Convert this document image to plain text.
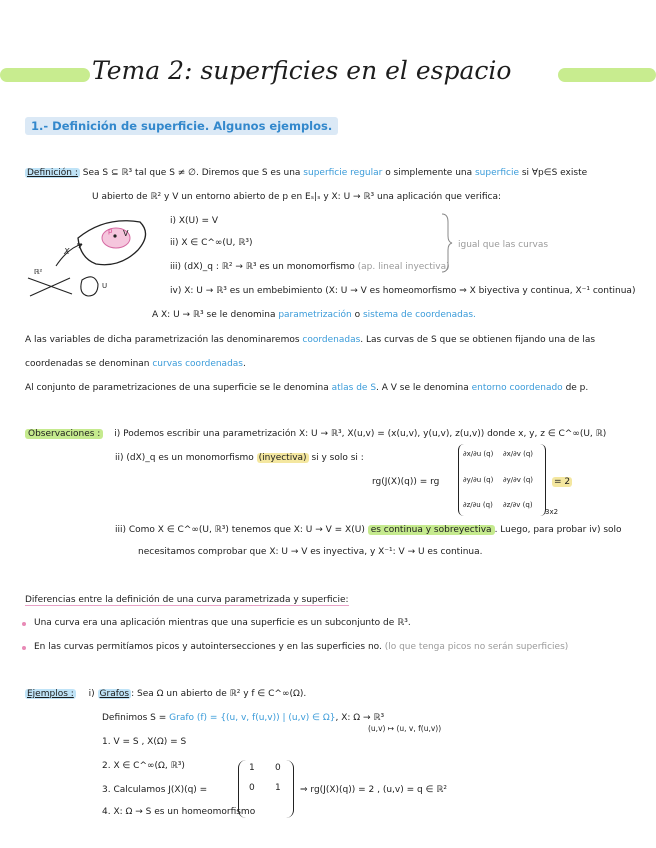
Tema 2: superficies en el espacio
1.- Definición de superficie. Algunos ejemplos.
Definición : Sea S ⊆ ℝ³ tal que S ≠ ∅. Diremos que S es una superficie regular o simplemente una superficie si ∀p∈S existe
U abierto de ℝ² y V un entorno abierto de p en Eₛ|ₛ y X: U → ℝ³ una aplicación que verifica:
p V
X
ℝ²
U
i) X(U) = V
ii) X ∈ C^∞(U, ℝ³)
iii) (dX)_q : ℝ² → ℝ³ es un monomorfismo (ap. lineal inyectiva)
iv) X: U → ℝ³ es un embebimiento (X: U → V es homeomorfismo ⇒ X biyectiva y continua, X⁻¹ continua)
igual que las curvas
A X: U → ℝ³ se le denomina parametrización o sistema de coordenadas.
A las variables de dicha parametrización las denominaremos coordenadas. Las curvas de S que se obtienen fijando una de las
coordenadas se denominan curvas coordenadas.
Al conjunto de parametrizaciones de una superficie se le denomina atlas de S. A V se le denomina entorno coordenado de p.
Observaciones : i) Podemos escribir una parametrización X: U → ℝ³, X(u,v) = (x(u,v), y(u,v), z(u,v)) donde x, y, z ∈ C^∞(U, ℝ)
ii) (dX)_q es un monomorfismo (inyectiva) si y solo si :
rg(J(X)(q)) = rg
∂x/∂u (q) ∂x/∂v (q)
∂y/∂u (q) ∂y/∂v (q)
∂z/∂u (q) ∂z/∂v (q)
3x2
= 2
iii) Como X ∈ C^∞(U, ℝ³) tenemos que X: U → V = X(U) es continua y sobreyectiva . Luego, para probar iv) solo
necesitamos comprobar que X: U → V es inyectiva, y X⁻¹: V → U es continua.
Diferencias entre la definición de una curva parametrizada y superficie:
Una curva era una aplicación mientras que una superficie es un subconjunto de ℝ³.
En las curvas permitíamos picos y autointersecciones y en las superficies no. (lo que tenga picos no serán superficies)
Ejemplos : i) Grafos : Sea Ω un abierto de ℝ² y f ∈ C^∞(Ω).
Definimos S = Grafo (f) = {(u, v, f(u,v)) | (u,v) ∈ Ω}, X: Ω → ℝ³
(u,v) ↦ (u, v, f(u,v))
1. V = S , X(Ω) = S
2. X ∈ C^∞(Ω, ℝ³)
3. Calculamos J(X)(q) =
1 0
0 1 ⇒ rg(J(X)(q)) = 2 , (u,v) = q ∈ ℝ²
4. X: Ω → S es un homeomorfismo
